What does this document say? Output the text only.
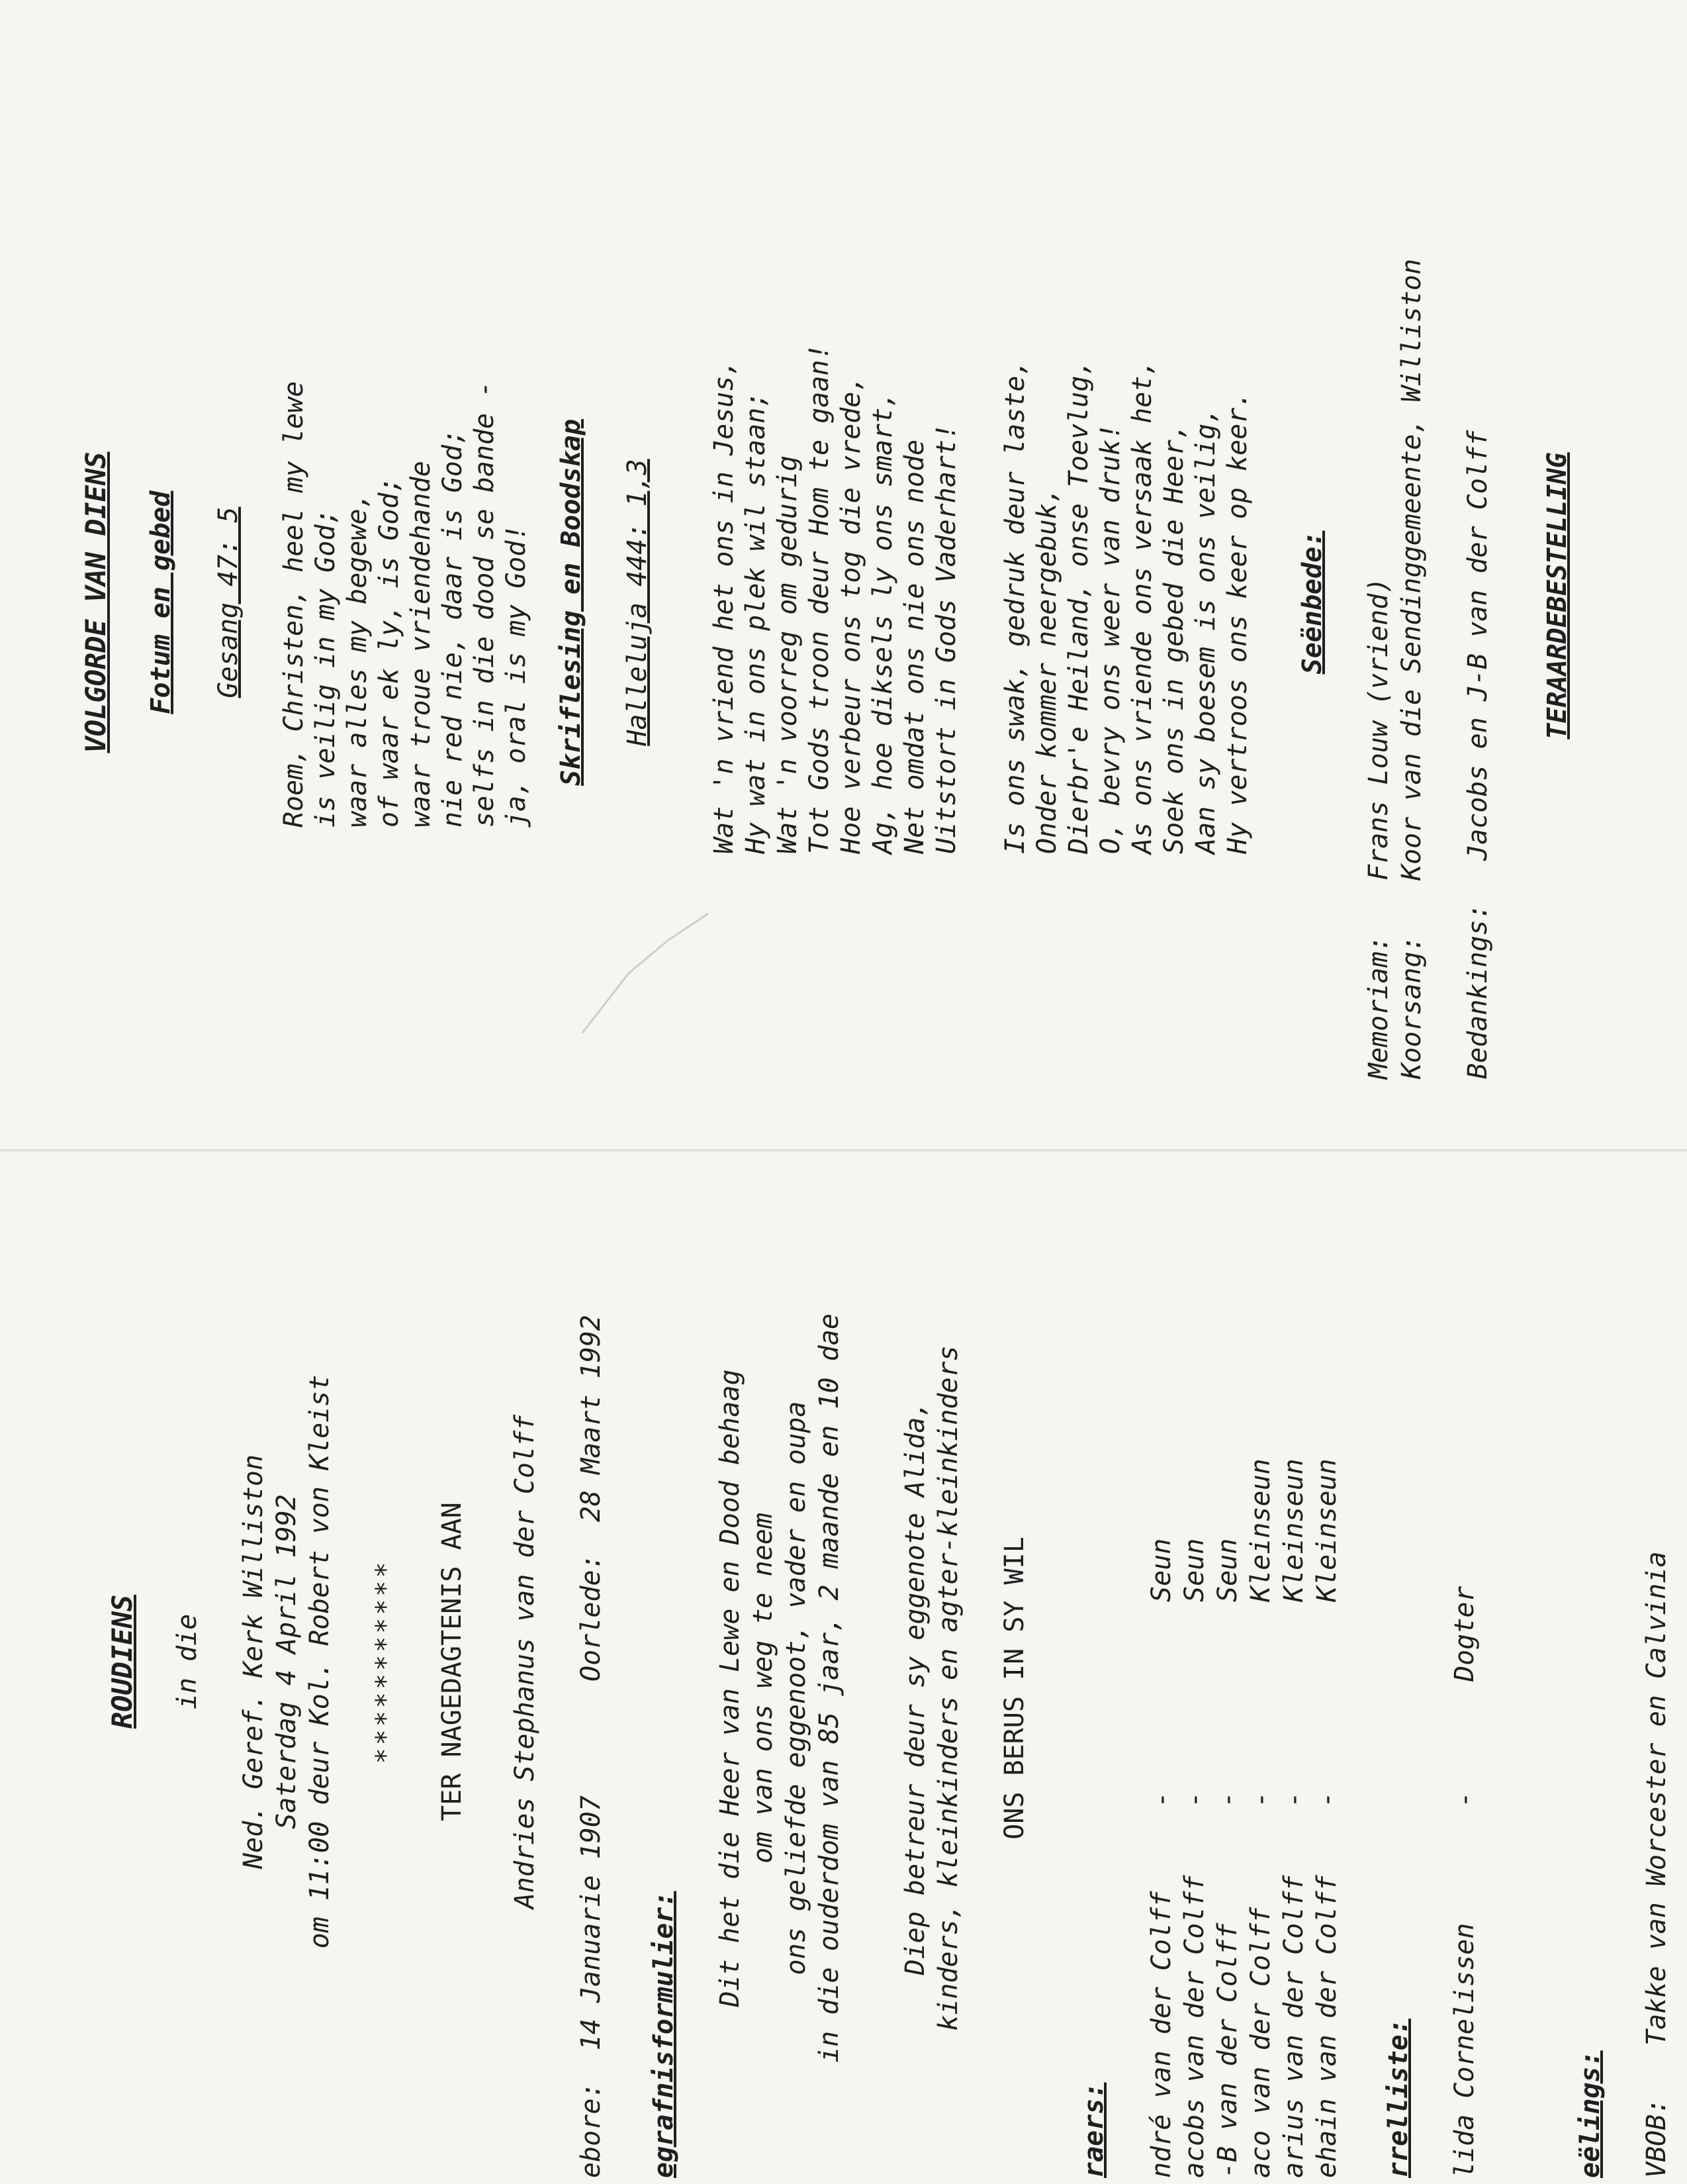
VOLGORDE VAN DIENS Fotum en gebed Gesang 47: 5 Roem, Christen, heel my lewe is veilig in my God; waar alles my begewe, of waar ek ly, is God; waar troue vriendehande nie red nie, daar is God; selfs in die dood se bande - ja, oral is my God! Skriflesing en Boodskap Halleluja 444: 1,3 Wat 'n vriend het ons in Jesus, Hy wat in ons plek wil staan; Wat 'n voorreg om gedurig Tot Gods troon deur Hom te gaan! Hoe verbeur ons tog die vrede, Ag, hoe diksels ly ons smart, Net omdat ons nie ons node Uitstort in Gods Vaderhart! Is ons swak, gedruk deur laste, Onder kommer neergebuk, Dierbr'e Heiland, onse Toevlug, O, bevry ons weer van druk! As ons vriende ons versaak het, Soek ons in gebed die Heer, Aan sy boesem is ons veilig, Hy vertroos ons keer op keer. Seënbede:
Memoriam:
Frans Louw (vriend)
Koorsang:
Koor van die Sendinggemeente, Williston
Bedankings:
Jacobs en J-B van der Colff TERAARDEBESTELLING
ROUDIENS in die Ned. Geref. Kerk Williston Saterdag 4 April 1992 om 11:00 deur Kol. Robert von Kleist *********** TER NAGEDAGTENIS AAN Andries Stephanus van der Colff
ebore:  14 Januarie 1907
Oorlede:  28 Maart 1992
egrafnisformulier:
Dit het die Heer van Lewe en Dood behaag om van ons weg te neem ons geliefde eggenoot, vader en oupa in die ouderdom van 85 jaar, 2 maande en 10 dae Diep betreur deur sy eggenote Alida, kinders, kleinkinders en agter-kleinkinders ONS BERUS IN SY WIL
raers: ndré van der Colff
-
Seun
acobs van der Colff
-
Seun
-B van der Colff
-
Seun
aco van der Colff
-
Kleinseun
arius van der Colff
-
Kleinseun
ehain van der Colff
-
Kleinseun
rrelliste: lida Cornelissen
-
Dogter
eëlings: VBOB:
Takke van Worcester en Calvinia
